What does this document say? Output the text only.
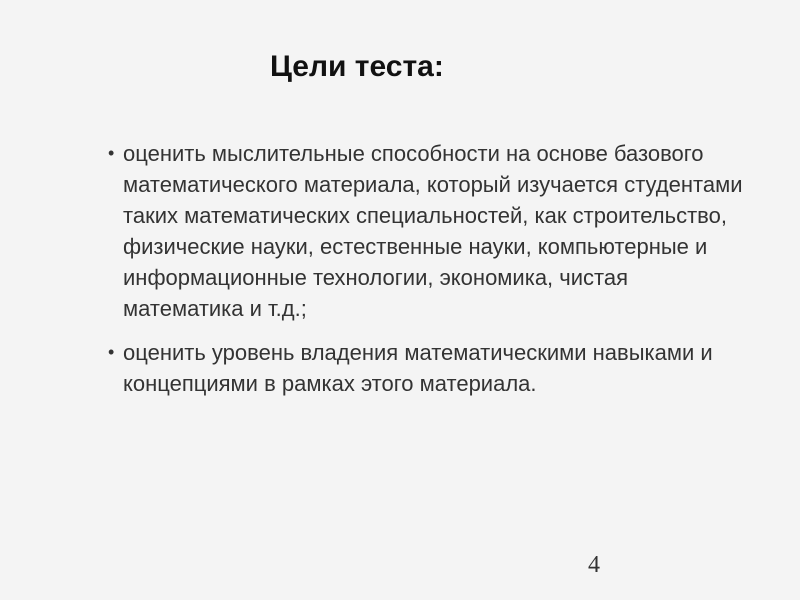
Цели теста:
• оценить мыслительные способности на основе базового математического материала, который изучается студентами таких математических специальностей, как строительство, физические науки, естественные науки, компьютерные и информационные технологии, экономика, чистая математика и т.д.;
• оценить уровень владения математическими навыками и концепциями в рамках этого материала.
4
